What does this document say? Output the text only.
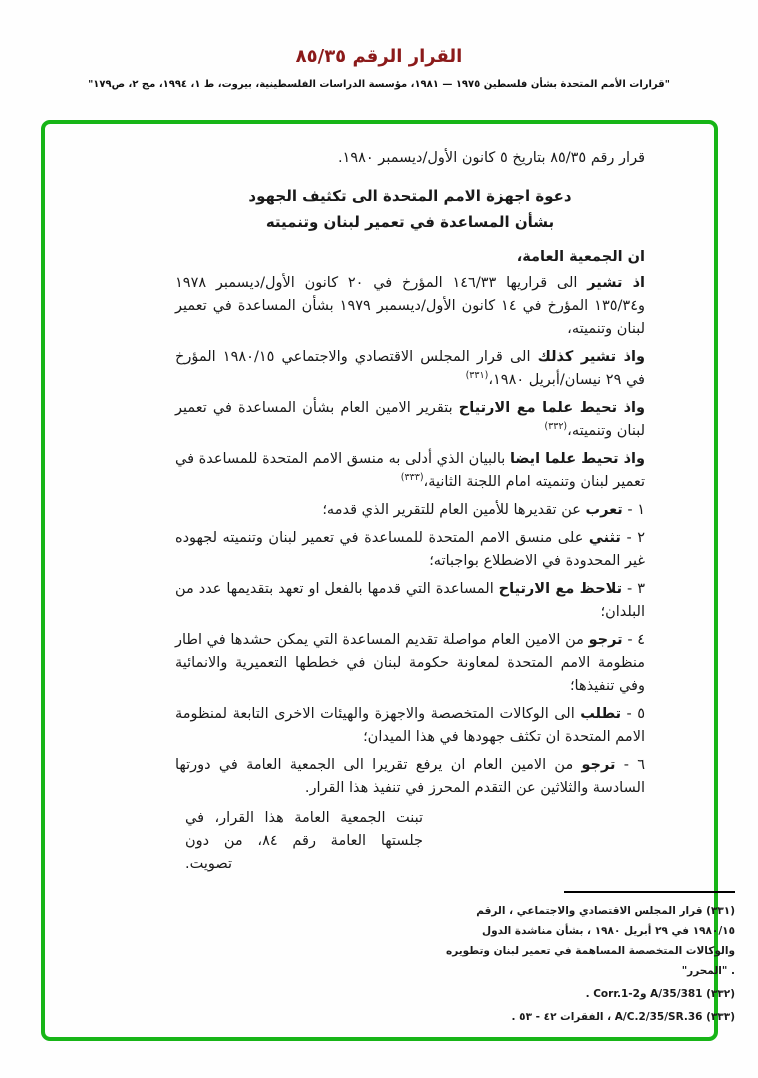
القرار الرقم ٨٥/٣٥
"قرارات الأمم المتحدة بشأن فلسطين ١٩٧٥ — ١٩٨١، مؤسسة الدراسات الفلسطينية، بيروت، ط ١، ١٩٩٤، مج ٢، ص١٧٩"

قرار رقم ٨٥/٣٥ بتاريخ ٥ كانون الأول/ديسمبر ١٩٨٠.

دعوة اجهزة الامم المتحدة الى تكثيف الجهود
بشأن المساعدة في تعمير لبنان وتنميته

ان الجمعية العامة،

اذ تشير الى قراريها ١٤٦/٣٣ المؤرخ في ٢٠ كانون الأول/ديسمبر ١٩٧٨ و١٣٥/٣٤ المؤرخ في ١٤ كانون الأول/ديسمبر ١٩٧٩ بشأن المساعدة في تعمير لبنان وتنميته،

واذ تشير كذلك الى قرار المجلس الاقتصادي والاجتماعي ١٩٨٠/١٥ المؤرخ في ٢٩ نيسان/أبريل ١٩٨٠،$^{(٣٣١)}$

واذ تحيط علما مع الارتياح بتقرير الامين العام بشأن المساعدة في تعمير لبنان وتنميته،$^{(٣٣٢)}$

واذ تحيط علما ايضا بالبيان الذي أدلى به منسق الامم المتحدة للمساعدة في تعمير لبنان وتنميته امام اللجنة الثانية،$^{(٣٣٣)}$

١ - تعرب عن تقديرها للأمين العام للتقرير الذي قدمه؛

٢ - تثني على منسق الامم المتحدة للمساعدة في تعمير لبنان وتنميته لجهوده غير المحدودة في الاضطلاع بواجباته؛

٣ - تلاحظ مع الارتياح المساعدة التي قدمها بالفعل او تعهد بتقديمها عدد من البلدان؛

٤ - ترجو من الامين العام مواصلة تقديم المساعدة التي يمكن حشدها في اطار منظومة الامم المتحدة لمعاونة حكومة لبنان في خططها التعميرية والانمائية وفي تنفيذها؛

٥ - تطلب الى الوكالات المتخصصة والاجهزة والهيئات الاخرى التابعة لمنظومة الامم المتحدة ان تكثف جهودها في هذا الميدان؛

٦ - ترجو من الامين العام ان يرفع تقريرا الى الجمعية العامة في دورتها السادسة والثلاثين عن التقدم المحرز في تنفيذ هذا القرار.

تبنت الجمعية العامة هذا القرار، في جلستها العامة رقم ٨٤، من دون تصويت.

(٣٣١) قرار المجلس الاقتصادي والاجتماعي ، الرقم ١٩٨٠/١٥ في ٢٩ أبريل ١٩٨٠ ، بشأن مناشدة الدول والوكالات المتخصصة المساهمة في تعمير لبنان وتطويره . "المحرر"

(٣٣٢) A/35/381 وCorr.1-2 .

(٣٣٣) A/C.2/35/SR.36 ، الفقرات ٤٢ - ٥٣ .
